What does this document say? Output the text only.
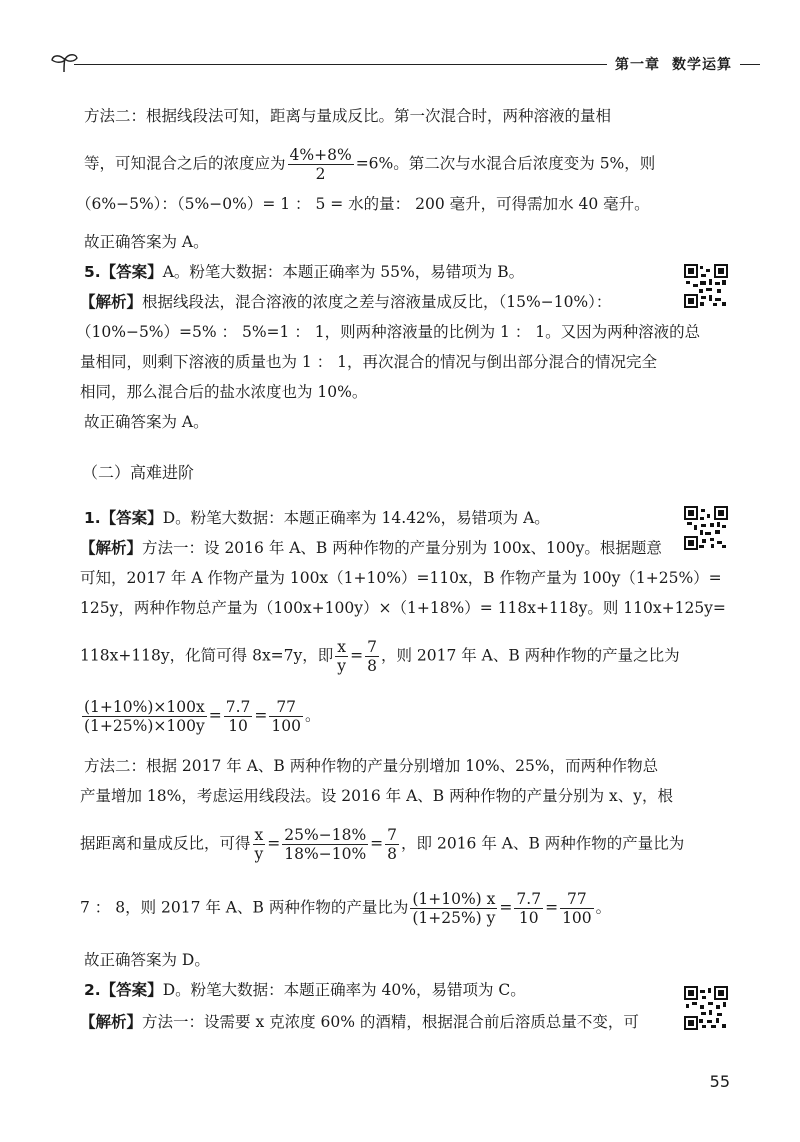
第一章 数学运算
方法二：根据线段法可知，距离与量成反比。第一次混合时，两种溶液的量相
等，可知混合之后的浓度应为 $\frac{4\%+8\%}{2} =6\%$。第二次与水混合后浓度变为 5%，则
（6%−5%）：（5%−0%）= 1 ： 5 = 水的量： 200 毫升，可得需加水 40 毫升。
故正确答案为 A。
5.【答案】A。粉笔大数据：本题正确率为 55%，易错项为 B。
【解析】根据线段法，混合溶液的浓度之差与溶液量成反比，（15%−10%）：
（10%−5%）=5% ： 5%=1 ： 1，则两种溶液量的比例为 1 ： 1。又因为两种溶液的总
量相同，则剩下溶液的质量也为 1 ： 1，再次混合的情况与倒出部分混合的情况完全
相同，那么混合后的盐水浓度也为 10%。
故正确答案为 A。
（二）高难进阶
1.【答案】D。粉笔大数据：本题正确率为 14.42%，易错项为 A。
【解析】方法一：设 2016 年 A、B 两种作物的产量分别为 100x、100y。根据题意
可知，2017 年 A 作物产量为 100x（1+10%）=110x，B 作物产量为 100y（1+25%）=
125y，两种作物总产量为（100x+100y）×（1+18%）= 118x+118y。则 110x+125y=
118x+118y，化简可得 8x=7y，即 $\frac{x}{y} = \frac{7}{8}$ ，则 2017 年 A、B 两种作物的产量之比为
$\frac{(1+10\%)\times 100x}{(1+25\%)\times 100y} = \frac{7.7}{10} = \frac{77}{100}$ 。
方法二：根据 2017 年 A、B 两种作物的产量分别增加 10%、25%，而两种作物总
产量增加 18%，考虑运用线段法。设 2016 年 A、B 两种作物的产量分别为 x、y，根
据距离和量成反比，可得 $\frac{x}{y} = \frac{25\%-18\%}{18\%-10\%} = \frac{7}{8}$ ，即 2016 年 A、B 两种作物的产量比为
7 ： 8，则 2017 年 A、B 两种作物的产量比为 $\frac{(1+10\%) x}{(1+25\%) y} = \frac{7.7}{10} = \frac{77}{100}$ 。
故正确答案为 D。
2.【答案】D。粉笔大数据：本题正确率为 40%，易错项为 C。
【解析】方法一：设需要 x 克浓度 60% 的酒精，根据混合前后溶质总量不变，可
55
